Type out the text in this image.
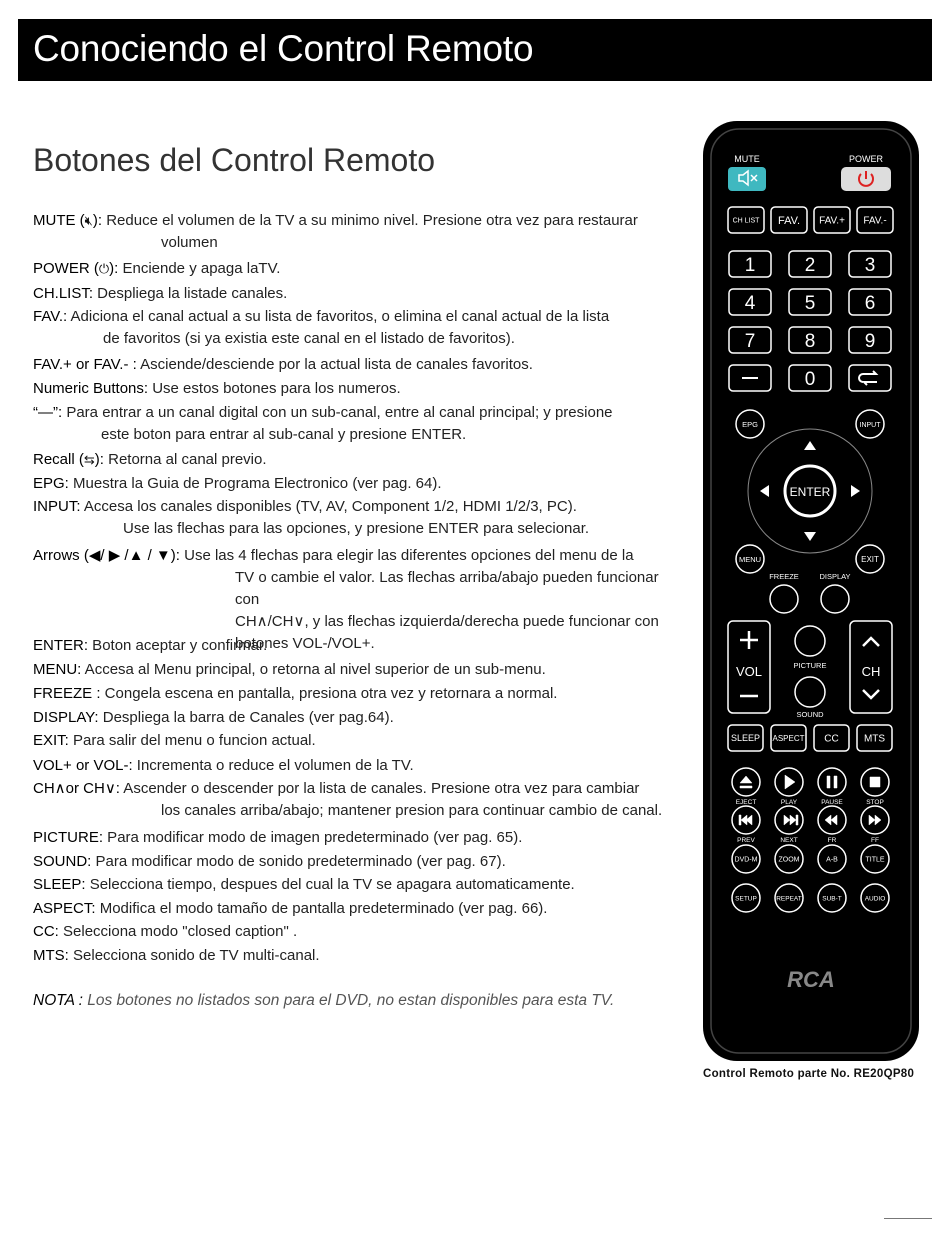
Conociendo el Control Remoto
Botones del Control Remoto
MUTE (🔇︎): Reduce el volumen de la TV a su minimo nivel. Presione otra vez para restaurar
volumen
POWER (⏻): Enciende y apaga laTV.
CH.LIST: Despliega la listade canales.
FAV.: Adiciona el canal actual a su lista de favoritos, o elimina el canal actual de la lista
de favoritos (si ya existia este canal en el listado de favoritos).
FAV.+ or FAV.- : Asciende/desciende por la actual lista de canales favoritos.
Numeric Buttons: Use estos botones para los numeros.
“—”: Para entrar a un canal digital con un sub-canal, entre al canal principal; y presione
este boton para entrar al sub-canal y presione ENTER.
Recall (⇆): Retorna al canal previo.
EPG: Muestra la Guia de Programa Electronico (ver pag. 64).
INPUT: Accesa los canales disponibles (TV, AV, Component 1/2, HDMI 1/2/3, PC).
Use las flechas para las opciones, y presione ENTER para selecionar.
Arrows (◀/ ▶ /▲ / ▼): Use las 4 flechas para elegir las diferentes opciones del menu de la
TV o cambie el valor. Las flechas arriba/abajo pueden funcionar con
CH∧/CH∨, y las flechas izquierda/derecha puede funcionar con
botones VOL-/VOL+.
ENTER: Boton aceptar y confirmar.
MENU: Accesa al Menu principal, o retorna al nivel superior de un sub-menu.
FREEZE : Congela escena en pantalla, presiona otra vez y retornara a normal.
DISPLAY: Despliega la barra de Canales (ver pag.64).
EXIT: Para salir del menu o funcion actual.
VOL+ or VOL-: Incrementa o reduce el volumen de la TV.
CH∧or CH∨: Ascender o descender por la lista de canales. Presione otra vez para cambiar
los canales arriba/abajo; mantener presion para continuar cambio de canal.
PICTURE: Para modificar modo de imagen predeterminado (ver pag. 65).
SOUND: Para modificar modo de sonido predeterminado (ver pag. 67).
SLEEP: Selecciona tiempo, despues del cual la TV se apagara automaticamente.
ASPECT: Modifica el modo tamaño de pantalla predeterminado (ver pag. 66).
CC: Selecciona modo "closed caption" .
MTS: Selecciona sonido de TV multi-canal.

NOTA : Los botones no listados son para el DVD, no estan disponibles para esta TV.

MUTE	POWER
CH LIST FAV. FAV.+ FAV.-
1	2	3
4	5	6
7	8	9
0
EPG	INPUT
ENTER
MENU	EXIT
FREEZE	DISPLAY
VOL	CH
PICTURE
SOUND
SLEEP ASPECT CC	MTS
EJECT	PLAY	PAUSE	STOP
PREV	NEXT	FR	FF
DVD-M	ZOOM	A-B	TITLE
SETUP	REPEAT	SUB-T	AUDIO
RCA
Control Remoto parte No. RE20QP80
